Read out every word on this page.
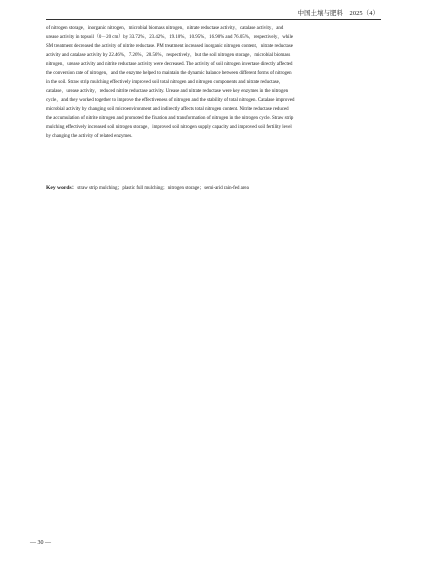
中国土壤与肥料　2025（4）
of nitrogen storage，inorganic nitrogen，microbial biomass nitrogen，nitrate reductase activity，catalase activity，and
urease activity in topsoil（0－20 cm）by 33.72%，23.42%，19.10%，10.95%，16.90% and 76.05%，respectively，while
SM treatment decreased the activity of nitrite reductase. PM treatment increased inorganic nitrogen content，nitrate reductase
activity and catalase activity by 22.46%，7.26%，20.56%，respectively，but the soil nitrogen storage，microbial biomass
nitrogen，urease activity and nitrite reductase activity were decreased. The activity of soil nitrogen invertase directly affected
the conversion rate of nitrogen，and the enzyme helped to maintain the dynamic balance between different forms of nitrogen
in the soil. Straw strip mulching effectively improved soil total nitrogen and nitrogen components and nitrate reductase，
catalase，urease activity，reduced nitrite reductase activity. Urease and nitrate reductase were key enzymes in the nitrogen
cycle，and they worked together to improve the effectiveness of nitrogen and the stability of total nitrogen. Catalase improved
microbial activity by changing soil microenvironment and indirectly affects total nitrogen content. Nitrite reductase reduced
the accumulation of nitrite nitrogen and promoted the fixation and transformation of nitrogen in the nitrogen cycle. Straw strip
mulching effectively increased soil nitrogen storage，improved soil nitrogen supply capacity and improved soil fertility level
by changing the activity of related enzymes.
Key words：straw strip mulching；plastic full mulching；nitrogen storage；semi-arid rain-fed area
— 30 —
